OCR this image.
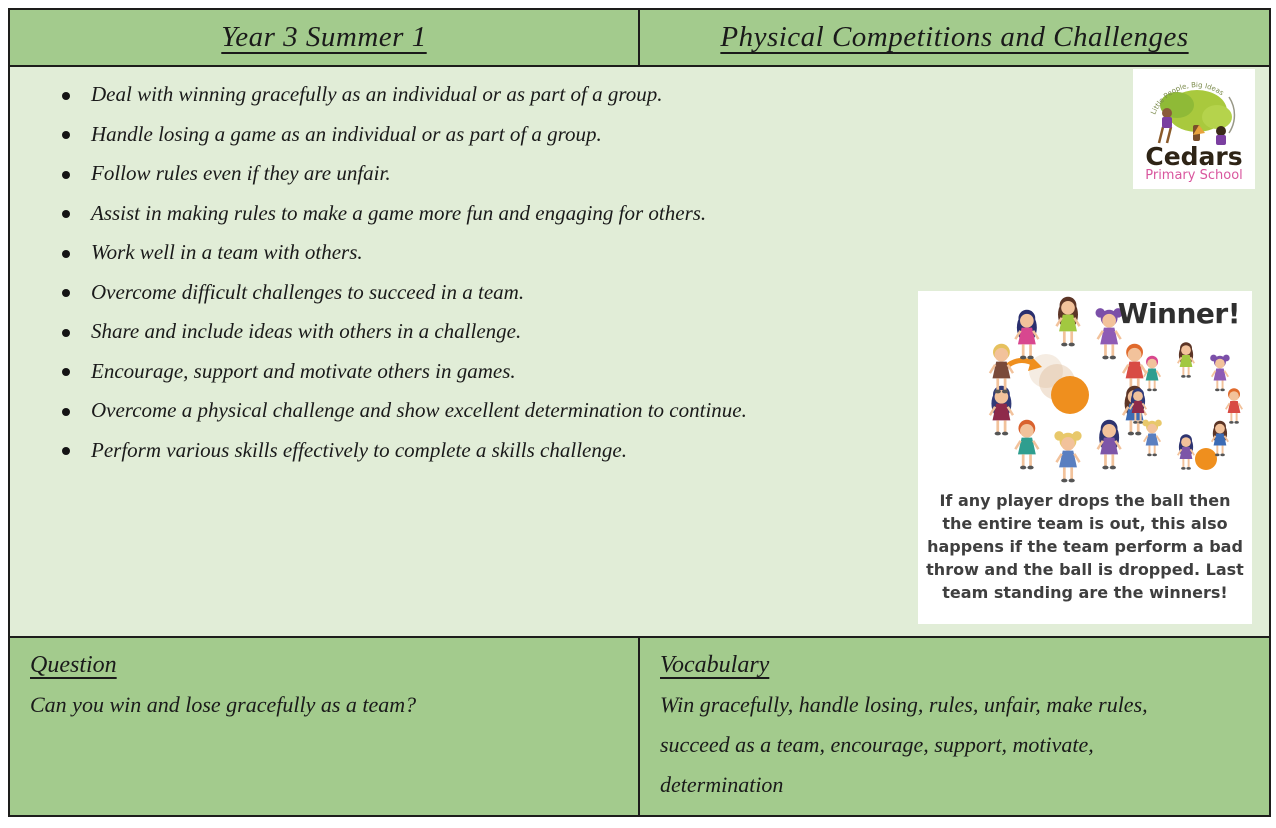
Year 3 Summer 1	Physical Competitions and Challenges
Deal with winning gracefully as an individual or as part of a group.
Handle losing a game as an individual or as part of a group.
Follow rules even if they are unfair.
Assist in making rules to make a game more fun and engaging for others.
Work well in a team with others.
Overcome difficult challenges to succeed in a team.
Share and include ideas with others in a challenge.
Encourage, support and motivate others in games.
Overcome a physical challenge and show excellent determination to continue.
Perform various skills effectively to complete a skills challenge.
Little People, Big Ideas
Cedars
Primary School
Winner!
If any player drops the ball then the entire team is out, this also happens if the team perform a bad throw and the ball is dropped. Last team standing are the winners!
Question
Can you win and lose gracefully as a team?
Vocabulary
Win gracefully, handle losing, rules, unfair, make rules, succeed as a team, encourage, support, motivate, determination
